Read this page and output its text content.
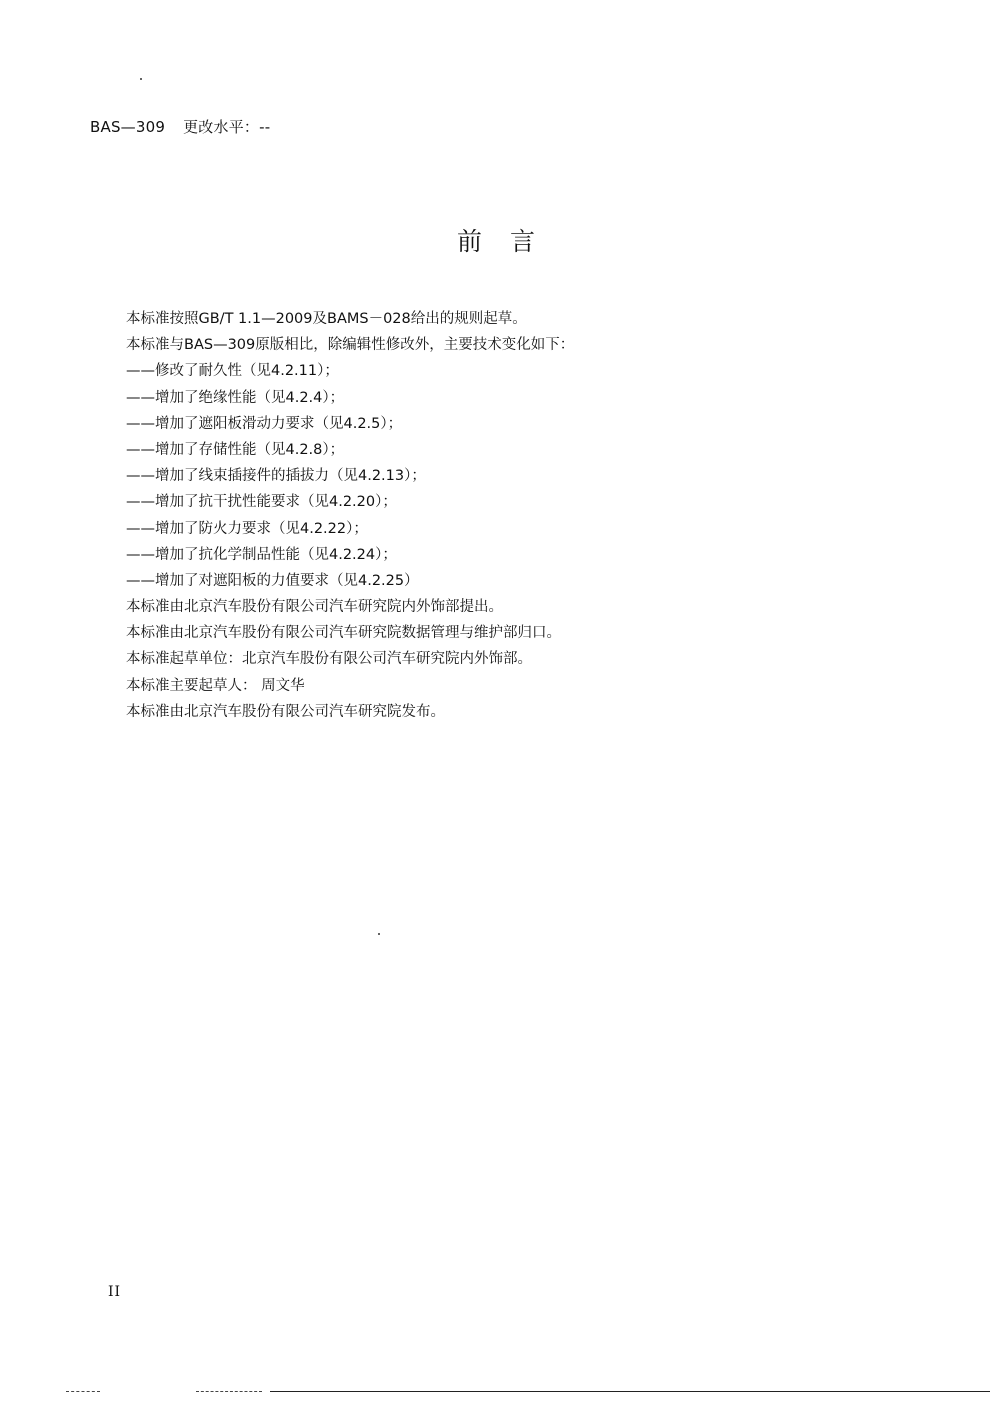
BAS—309 更改水平：--
前言
本标准按照GB/T 1.1—2009及BAMS－028给出的规则起草。
本标准与BAS—309原版相比，除编辑性修改外，主要技术变化如下：
——修改了耐久性（见4.2.11）；
——增加了绝缘性能（见4.2.4）；
——增加了遮阳板滑动力要求（见4.2.5）；
——增加了存储性能（见4.2.8）；
——增加了线束插接件的插拔力（见4.2.13）；
——增加了抗干扰性能要求（见4.2.20）；
——增加了防火力要求（见4.2.22）；
——增加了抗化学制品性能（见4.2.24）；
——增加了对遮阳板的力值要求（见4.2.25）
本标准由北京汽车股份有限公司汽车研究院内外饰部提出。
本标准由北京汽车股份有限公司汽车研究院数据管理与维护部归口。
本标准起草单位：北京汽车股份有限公司汽车研究院内外饰部。
本标准主要起草人： 周文华
本标准由北京汽车股份有限公司汽车研究院发布。
II
